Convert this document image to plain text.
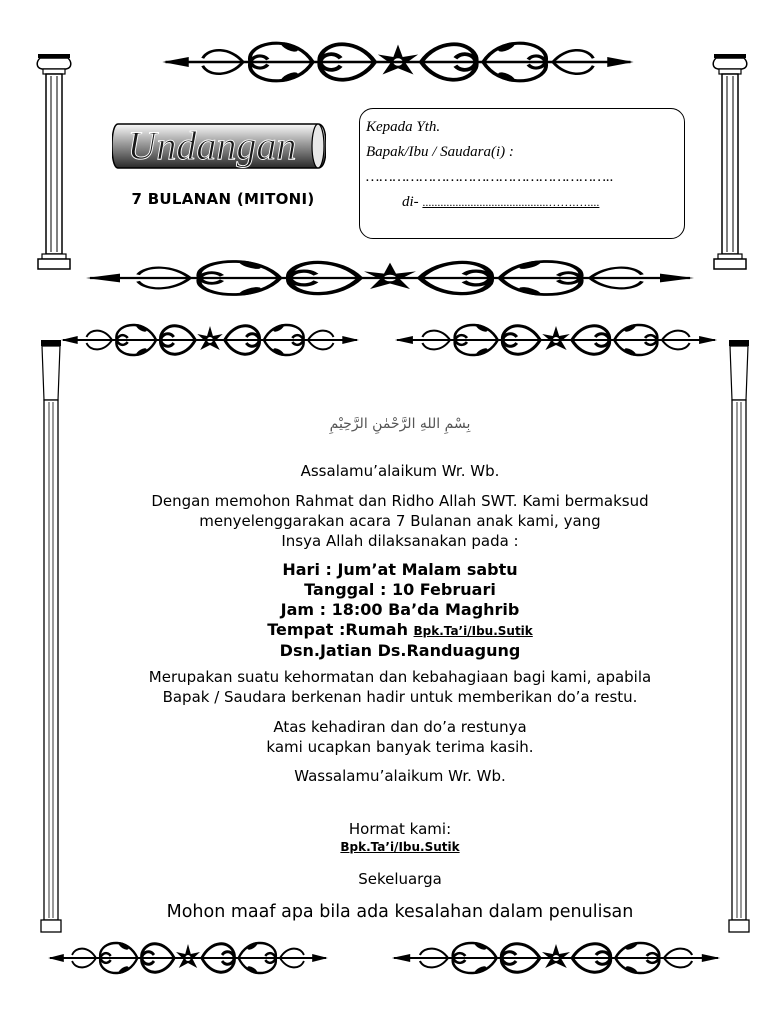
Undangan
7 BULANAN (MITONI)
Kepada Yth.
Bapak/Ibu / Saudara(i) :
………………………………………………..
di- ..........................................…….…....
بِسْمِ اللهِ الرَّحْمٰنِ الرَّحِيْمِ
Assalamu’alaikum Wr. Wb.
Dengan memohon Rahmat dan Ridho Allah SWT. Kami bermaksud
menyelenggarakan acara 7 Bulanan anak kami, yang
Insya Allah dilaksanakan pada :
Hari : Jum’at Malam sabtu
Tanggal : 10 Februari
Jam : 18:00 Ba’da Maghrib
Tempat :Rumah Bpk.Ta’i/Ibu.Sutik
Dsn.Jatian Ds.Randuagung
Merupakan suatu kehormatan dan kebahagiaan bagi kami, apabila
Bapak / Saudara berkenan hadir untuk memberikan do’a restu.
Atas kehadiran dan do’a restunya
kami ucapkan banyak terima kasih.
Wassalamu’alaikum Wr. Wb.
Hormat kami:
Bpk.Ta’i/Ibu.Sutik
Sekeluarga
Mohon maaf apa bila ada kesalahan dalam penulisan
